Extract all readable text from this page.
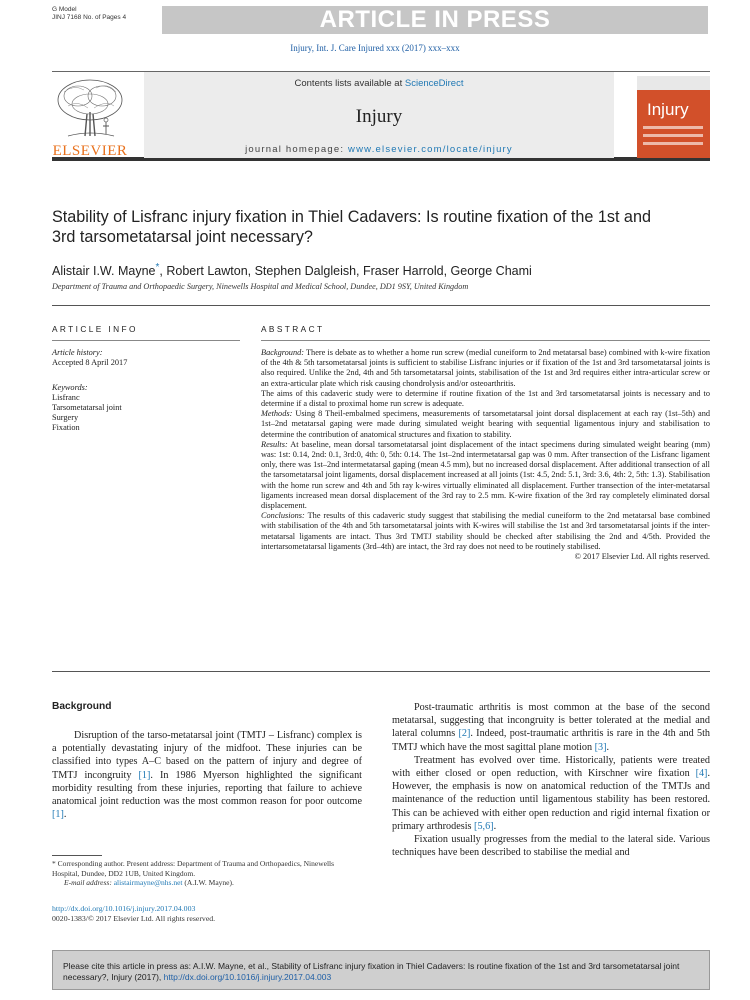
G Model
JINJ 7168 No. of Pages 4	ARTICLE IN PRESS
Injury, Int. J. Care Injured xxx (2017) xxx–xxx
ELSEVIER
Contents lists available at ScienceDirect
Injury
journal homepage: www.elsevier.com/locate/injury
Injury
Stability of Lisfranc injury fixation in Thiel Cadavers: Is routine fixation of the 1st and 3rd tarsometatarsal joint necessary?
Alistair I.W. Mayne*, Robert Lawton, Stephen Dalgleish, Fraser Harrold, George Chami
Department of Trauma and Orthopaedic Surgery, Ninewells Hospital and Medical School, Dundee, DD1 9SY, United Kingdom
ARTICLE INFO	ABSTRACT
Article history:
Accepted 8 April 2017
Keywords:
Lisfranc
Tarsometatarsal joint
Surgery
Fixation

Background: There is debate as to whether a home run screw (medial cuneiform to 2nd metatarsal base) combined with k-wire fixation of the 4th & 5th tarsometatarsal joints is sufficient to stabilise Lisfranc injuries or if fixation of the 1st and 3rd tarsometatarsal joints is also required. Unlike the 2nd, 4th and 5th tarsometatarsal joints, stabilisation of the 1st and 3rd requires either intra-articular screw or an extra-articular plate which risk causing chondrolysis and/or osteoarthritis.

The aims of this cadaveric study were to determine if routine fixation of the 1st and 3rd tarsometatarsal joints is necessary and to determine if a distal to proximal home run screw is adequate.

Methods: Using 8 Theil-embalmed specimens, measurements of tarsometatarsal joint dorsal displacement at each ray (1st–5th) and 1st–2nd metatarsal gaping were made during simulated weight bearing with sequential ligamentous injury and stabilisation to determine the contribution of anatomical structures and fixation to stability.

Results: At baseline, mean dorsal tarsometatarsal joint displacement of the intact specimens during simulated weight bearing (mm) was: 1st: 0.14, 2nd: 0.1, 3rd:0, 4th: 0, 5th: 0.14. The 1st–2nd intermetatarsal gap was 0 mm. After transection of the Lisfranc ligament only, there was 1st–2nd intermetatarsal gaping (mean 4.5 mm), but no increased dorsal displacement. After additional transection of all the tarsometatarsal joint ligaments, dorsal displacement increased at all joints (1st: 4.5, 2nd: 5.1, 3rd: 3.6, 4th: 2, 5th: 1.3). Stabilisation with the home run screw and 4th and 5th ray k-wires virtually eliminated all displacement. Further transection of the inter-metatarsal ligaments increased mean dorsal displacement of the 3rd ray to 2.5 mm. K-wire fixation of the 3rd ray completely eliminated dorsal displacement.

Conclusions: The results of this cadaveric study suggest that stabilising the medial cuneiform to the 2nd metatarsal base combined with stabilisation of the 4th and 5th tarsometatarsal joints with K-wires will stabilise the 1st and 3rd tarsometatarsal joints if the inter-metatarsal ligaments are intact. Thus 3rd TMTJ stability should be checked after stabilising the 2nd and 4/5th. Provided the intertarsometatarsal ligaments (3rd–4th) are intact, the 3rd ray does not need to be routinely stabilised.

© 2017 Elsevier Ltd. All rights reserved.

Background

Disruption of the tarso-metatarsal joint (TMTJ – Lisfranc) complex is a potentially devastating injury of the midfoot. These injuries can be classified into types A–C based on the pattern of injury and degree of TMTJ incongruity [1]. In 1986 Myerson highlighted the significant morbidity resulting from these injuries, reporting that failure to achieve anatomical joint reduction was the most common reason for poor outcome [1].

Post-traumatic arthritis is most common at the base of the second metatarsal, suggesting that incongruity is better tolerated at the medial and lateral columns [2]. Indeed, post-traumatic arthritis is rare in the 4th and 5th TMTJ which have the most sagittal plane motion [3].

Treatment has evolved over time. Historically, patients were treated with either closed or open reduction, with Kirschner wire fixation [4]. However, the emphasis is now on anatomical reduction of the TMTJs and maintenance of the reduction until ligamentous stability has been restored. This can be achieved with either open reduction and rigid internal fixation or primary arthrodesis [5,6].

Fixation usually progresses from the medial to the lateral side. Various techniques have been described to stabilise the medial and

* Corresponding author. Present address: Department of Trauma and Orthopaedics, Ninewells Hospital, Dundee, DD2 1UB, United Kingdom.
E-mail address: alistairmayne@nhs.net (A.I.W. Mayne).
http://dx.doi.org/10.1016/j.injury.2017.04.003
0020-1383/© 2017 Elsevier Ltd. All rights reserved.
Please cite this article in press as: A.I.W. Mayne, et al., Stability of Lisfranc injury fixation in Thiel Cadavers: Is routine fixation of the 1st and 3rd tarsometatarsal joint necessary?, Injury (2017), http://dx.doi.org/10.1016/j.injury.2017.04.003
